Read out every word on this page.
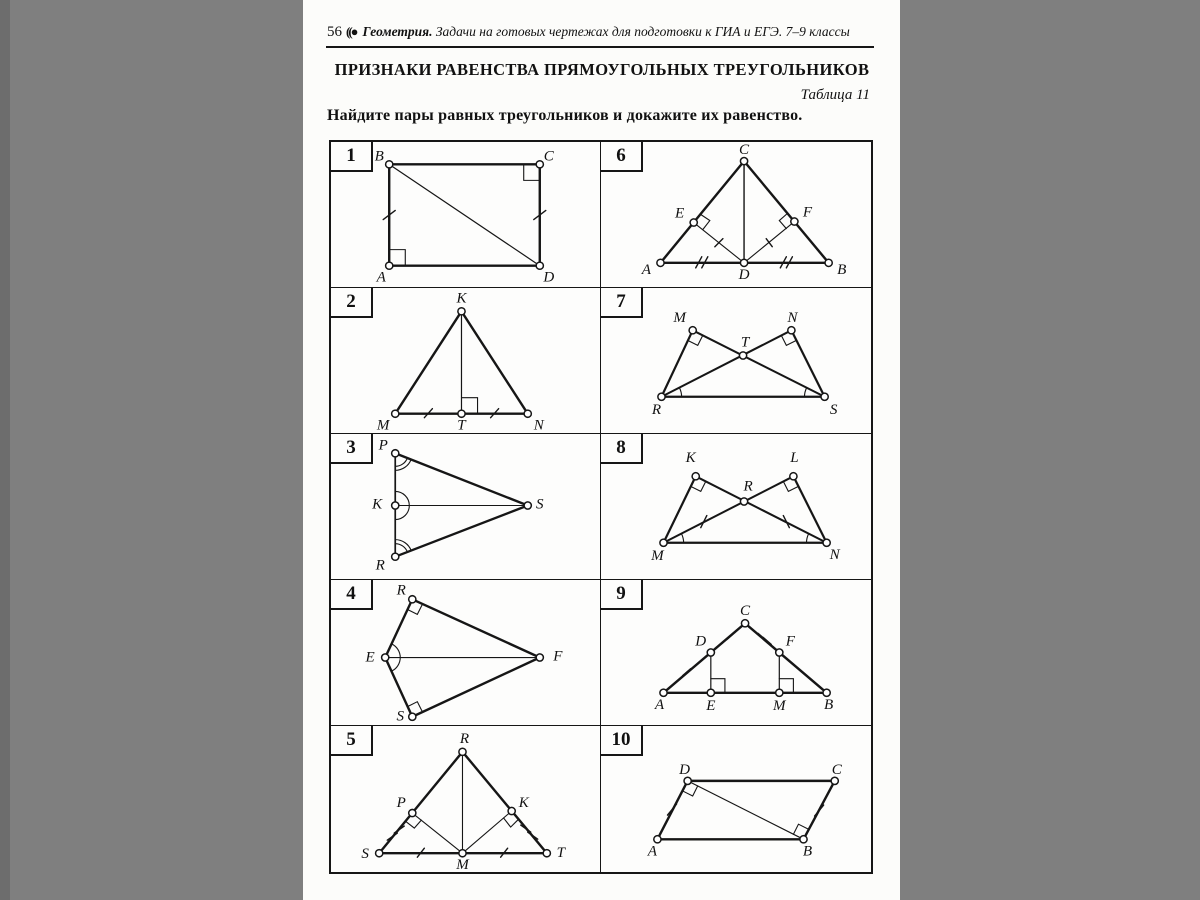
56 ((● Геометрия. Задачи на готовых чертежах для подготовки к ГИА и ЕГЭ. 7–9 классы
ПРИЗНАКИ РАВЕНСТВА ПРЯМОУГОЛЬНЫХ ТРЕУГОЛЬНИКОВ
Таблица 11
Найдите пары равных треугольников и докажите их равенство.
1	B	C
A	D
6	C
E	F
A	D	B
2	K
M	T	N
7
M	N
T
R	S
3	P
K
R
S
8
K	L
R
M	N
4	R
E
S
F
9
C
D	F
A	E	M	B
5	R
P	K
S
M
T
10
D	C
A	B
